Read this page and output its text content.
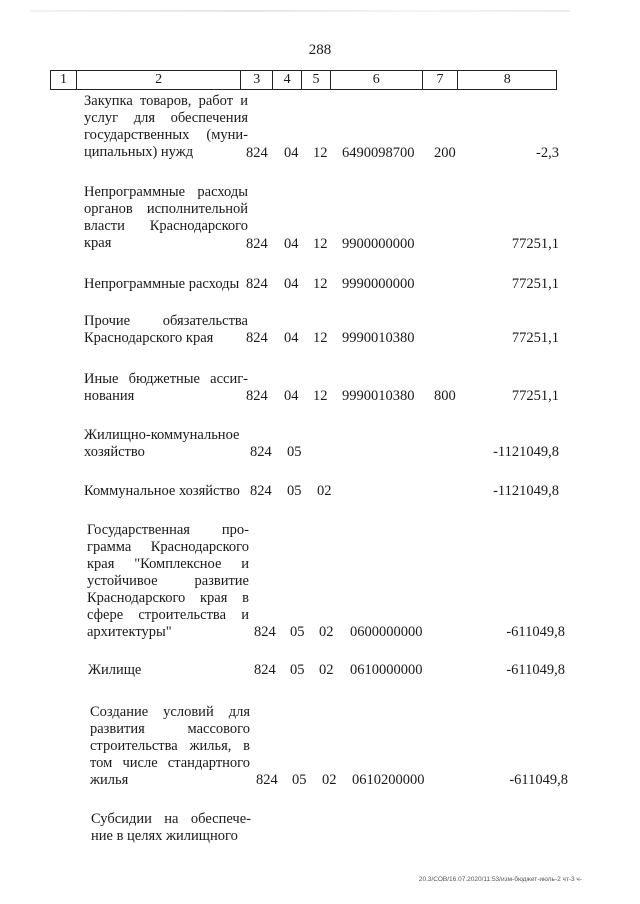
288
1	2	3	4	5	6	7	8
Закупка товаров, работ и услуг для обеспечения государственных (муни-ципальных) нужд	824 04 12 6490098700 200	-2,3
Непрограммные расходы органов исполнительной власти Краснодарского края	824 04 12 9900000000	77251,1
Непрограммные расходы 824 04 12 9990000000	77251,1
Прочие обязательства Краснодарского края	824 04 12 9990010380	77251,1
Иные бюджетные ассиг-нования	824 04 12 9990010380 800	77251,1
Жилищно-коммунальное хозяйство	824 05	-1121049,8
Коммунальное хозяйство 824 05 02	-1121049,8
Государственная про-грамма Краснодарского края "Комплексное и устойчивое развитие Краснодарского края в сфере строительства и архитектуры"	824 05 02 0600000000	-611049,8
Жилище	824 05 02 0610000000	-611049,8
Создание условий для развития массового строительства жилья, в том числе стандартного жилья	824 05 02 0610200000	-611049,8
Субсидии на обеспече-ние в целях жилищного
20.3/СОВ/16.07.2020/11:53/изм-бюджет-июль-2 чт-3 ч-
